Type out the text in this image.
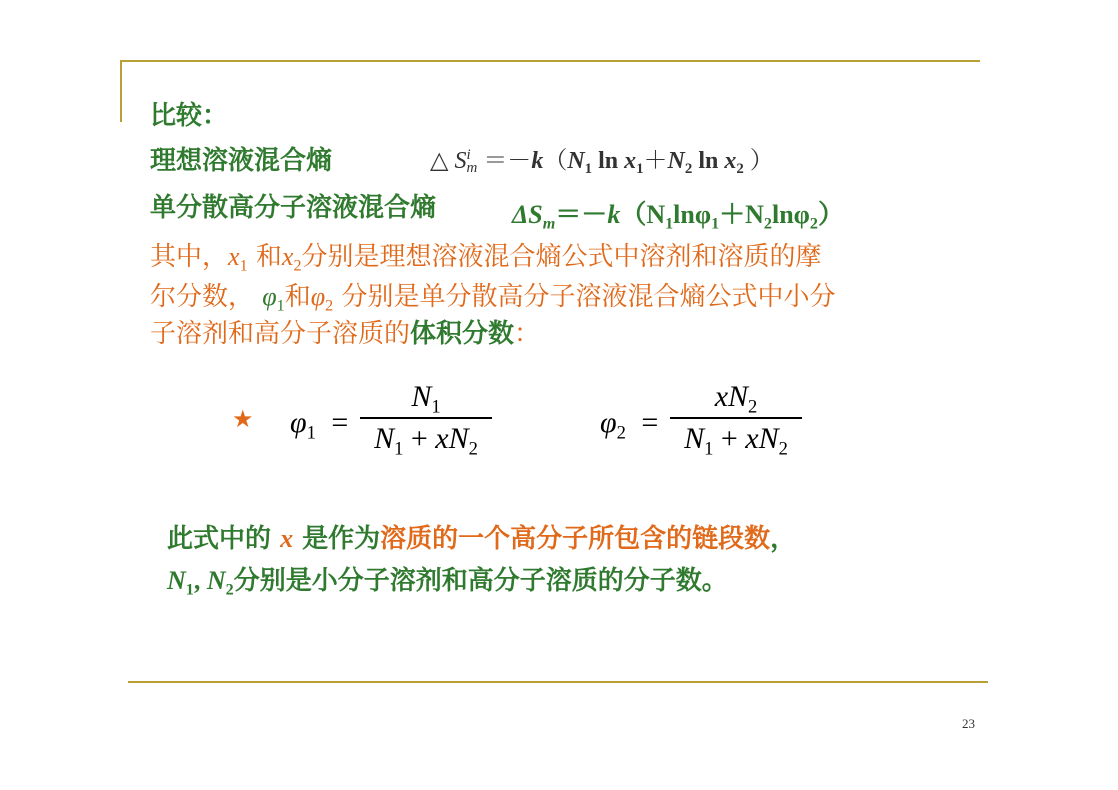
比较：
理想溶液混合熵	△ Si
$m =-k(N_1$ $\ln x_1+N_2$ $\ln x_2$ ）
单分散高分子溶液混合熵	$\Delta S_m=-k(N_1\ln\varphi_1+N_2\ln\varphi_2)$
其中，$x_1$ 和$x_2$分别是理想溶液混合熵公式中溶剂和溶质的摩
尔分数， $\varphi_1$和$\varphi_2$ 分别是单分散高分子溶液混合熵公式中小分
子溶剂和高分子溶质的体积分数：
★ $\varphi_1$ =
$N_1$
$N_1 + xN_2$
$\varphi_2$ =
$xN_2$
$N_1 + xN_2$
此式中的 x 是作为溶质的一个高分子所包含的链段数，
$N_1$, $N_2$分别是小分子溶剂和高分子溶质的分子数。
23
